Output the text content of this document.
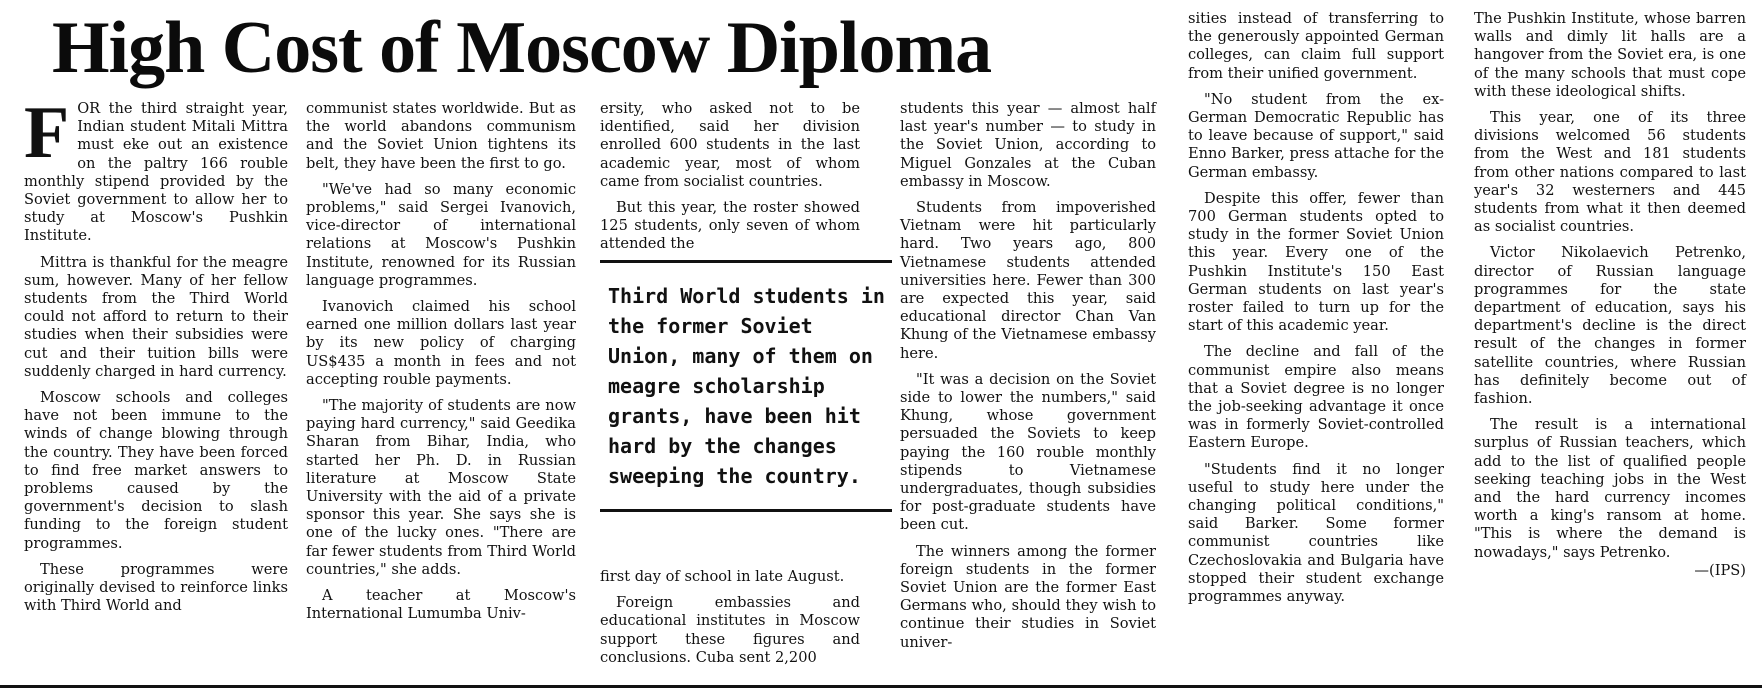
High Cost of Moscow Diploma

FOR the third straight year, Indian student Mitali Mittra must eke out an existence on the paltry 166 rouble monthly stipend provided by the Soviet government to allow her to study at Moscow's Pushkin Institute.

Mittra is thankful for the meagre sum, however. Many of her fellow students from the Third World could not afford to return to their studies when their subsidies were cut and their tuition bills were suddenly charged in hard currency.

Moscow schools and colleges have not been immune to the winds of change blowing through the country. They have been forced to find free market answers to problems caused by the government's decision to slash funding to the foreign student programmes.

These programmes were originally devised to reinforce links with Third World and

communist states worldwide. But as the world abandons communism and the Soviet Union tightens its belt, they have been the first to go.

"We've had so many economic problems," said Sergei Ivanovich, vice-director of international relations at Moscow's Pushkin Institute, renowned for its Russian language programmes.

Ivanovich claimed his school earned one million dollars last year by its new policy of charging US$435 a month in fees and not accepting rouble payments.

"The majority of students are now paying hard currency," said Geedika Sharan from Bihar, India, who started her Ph. D. in Russian literature at Moscow State University with the aid of a private sponsor this year. She says she is one of the lucky ones. "There are far fewer students from Third World countries," she adds.

A teacher at Moscow's International Lumumba Univ-

ersity, who asked not to be identified, said her division enrolled 600 students in the last academic year, most of whom came from socialist countries.

But this year, the roster showed 125 students, only seven of whom attended the

Third World students in the former Soviet Union, many of them on meagre scholarship grants, have been hit hard by the changes sweeping the country.

first day of school in late August.

Foreign embassies and educational institutes in Moscow support these figures and conclusions. Cuba sent 2,200

students this year — almost half last year's number — to study in the Soviet Union, according to Miguel Gonzales at the Cuban embassy in Moscow.

Students from impoverished Vietnam were hit particularly hard. Two years ago, 800 Vietnamese students attended universities here. Fewer than 300 are expected this year, said educational director Chan Van Khung of the Vietnamese embassy here.

"It was a decision on the Soviet side to lower the numbers," said Khung, whose government persuaded the Soviets to keep paying the 160 rouble monthly stipends to Vietnamese undergraduates, though subsidies for post-graduate students have been cut.

The winners among the former foreign students in the former Soviet Union are the former East Germans who, should they wish to continue their studies in Soviet univer-

sities instead of transferring to the generously appointed German colleges, can claim full support from their unified government.

"No student from the ex-German Democratic Republic has to leave because of support," said Enno Barker, press attache for the German embassy.

Despite this offer, fewer than 700 German students opted to study in the former Soviet Union this year. Every one of the Pushkin Institute's 150 East German students on last year's roster failed to turn up for the start of this academic year.

The decline and fall of the communist empire also means that a Soviet degree is no longer the job-seeking advantage it once was in formerly Soviet-controlled Eastern Europe.

"Students find it no longer useful to study here under the changing political conditions," said Barker. Some former communist countries like Czechoslovakia and Bulgaria have stopped their student exchange programmes anyway.

The Pushkin Institute, whose barren walls and dimly lit halls are a hangover from the Soviet era, is one of the many schools that must cope with these ideological shifts.

This year, one of its three divisions welcomed 56 students from the West and 181 students from other nations compared to last year's 32 westerners and 445 students from what it then deemed as socialist countries.

Victor Nikolaevich Petrenko, director of Russian language programmes for the state department of education, says his department's decline is the direct result of the changes in former satellite countries, where Russian has definitely become out of fashion.

The result is a international surplus of Russian teachers, which add to the list of qualified people seeking teaching jobs in the West and the hard currency incomes worth a king's ransom at home. "This is where the demand is nowadays," says Petrenko.

—(IPS)
